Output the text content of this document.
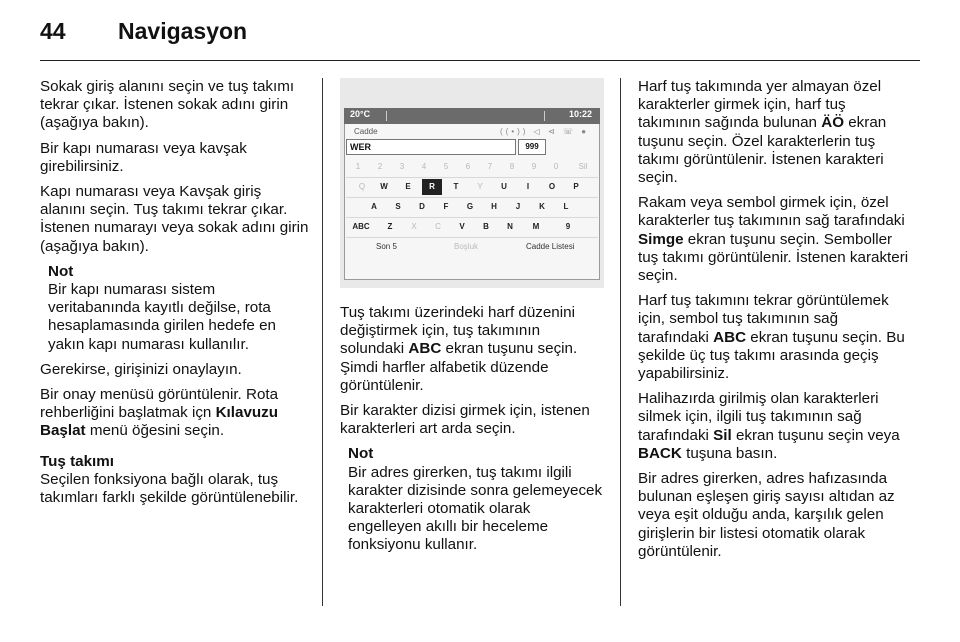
44 Navigasyon

Sokak giriş alanını seçin ve tuş takımı tekrar çıkar. İstenen sokak adını girin (aşağıya bakın).

Bir kapı numarası veya kavşak girebilirsiniz.

Kapı numarası veya Kavşak giriş alanını seçin. Tuş takımı tekrar çıkar. İstenen numarayı veya sokak adını girin (aşağıya bakın).

Not
Bir kapı numarası sistem veritabanında kayıtlı değilse, rota hesaplamasında girilen hedefe en yakın kapı numarası kullanılır.

Gerekirse, girişinizi onaylayın.

Bir onay menüsü görüntülenir. Rota rehberliğini başlatmak içn Kılavuzu Başlat menü öğesini seçin.

Tuş takımı

Seçilen fonksiyona bağlı olarak, tuş takımları farklı şekilde görüntülenebilir.

20°C	10:22
Cadde	((•)) ◁ ⊲ ☏ ●
WER	999
1	2	3	4	5	6	7	8	9	0	Sil
Q	W	E	R	T	Y	U	I	O	P
A	S	D	F	G	H	J	K	L
ABC	Z	X	C	V	B	N	M	9
Son 5	Boşluk	Cadde Listesi

Tuş takımı üzerindeki harf düzenini değiştirmek için, tuş takımının solundaki ABC ekran tuşunu seçin. Şimdi harfler alfabetik düzende görüntülenir.

Bir karakter dizisi girmek için, istenen karakterleri art arda seçin.

Not
Bir adres girerken, tuş takımı ilgili karakter dizisinde sonra gelemeyecek karakterleri otomatik olarak engelleyen akıllı bir heceleme fonksiyonu kullanır.

Harf tuş takımında yer almayan özel karakterler girmek için, harf tuş takımının sağında bulunan ÄÖ ekran tuşunu seçin. Özel karakterlerin tuş takımı görüntülenir. İstenen karakteri seçin.

Rakam veya sembol girmek için, özel karakterler tuş takımının sağ tarafındaki Simge ekran tuşunu seçin. Semboller tuş takımı görüntülenir. İstenen karakteri seçin.

Harf tuş takımını tekrar görüntülemek için, sembol tuş takımının sağ tarafındaki ABC ekran tuşunu seçin. Bu şekilde üç tuş takımı arasında geçiş yapabilirsiniz.

Halihazırda girilmiş olan karakterleri silmek için, ilgili tuş takımının sağ tarafındaki Sil ekran tuşunu seçin veya BACK tuşuna basın.

Bir adres girerken, adres hafızasında bulunan eşleşen giriş sayısı altıdan az veya eşit olduğu anda, karşılık gelen girişlerin bir listesi otomatik olarak görüntülenir.
